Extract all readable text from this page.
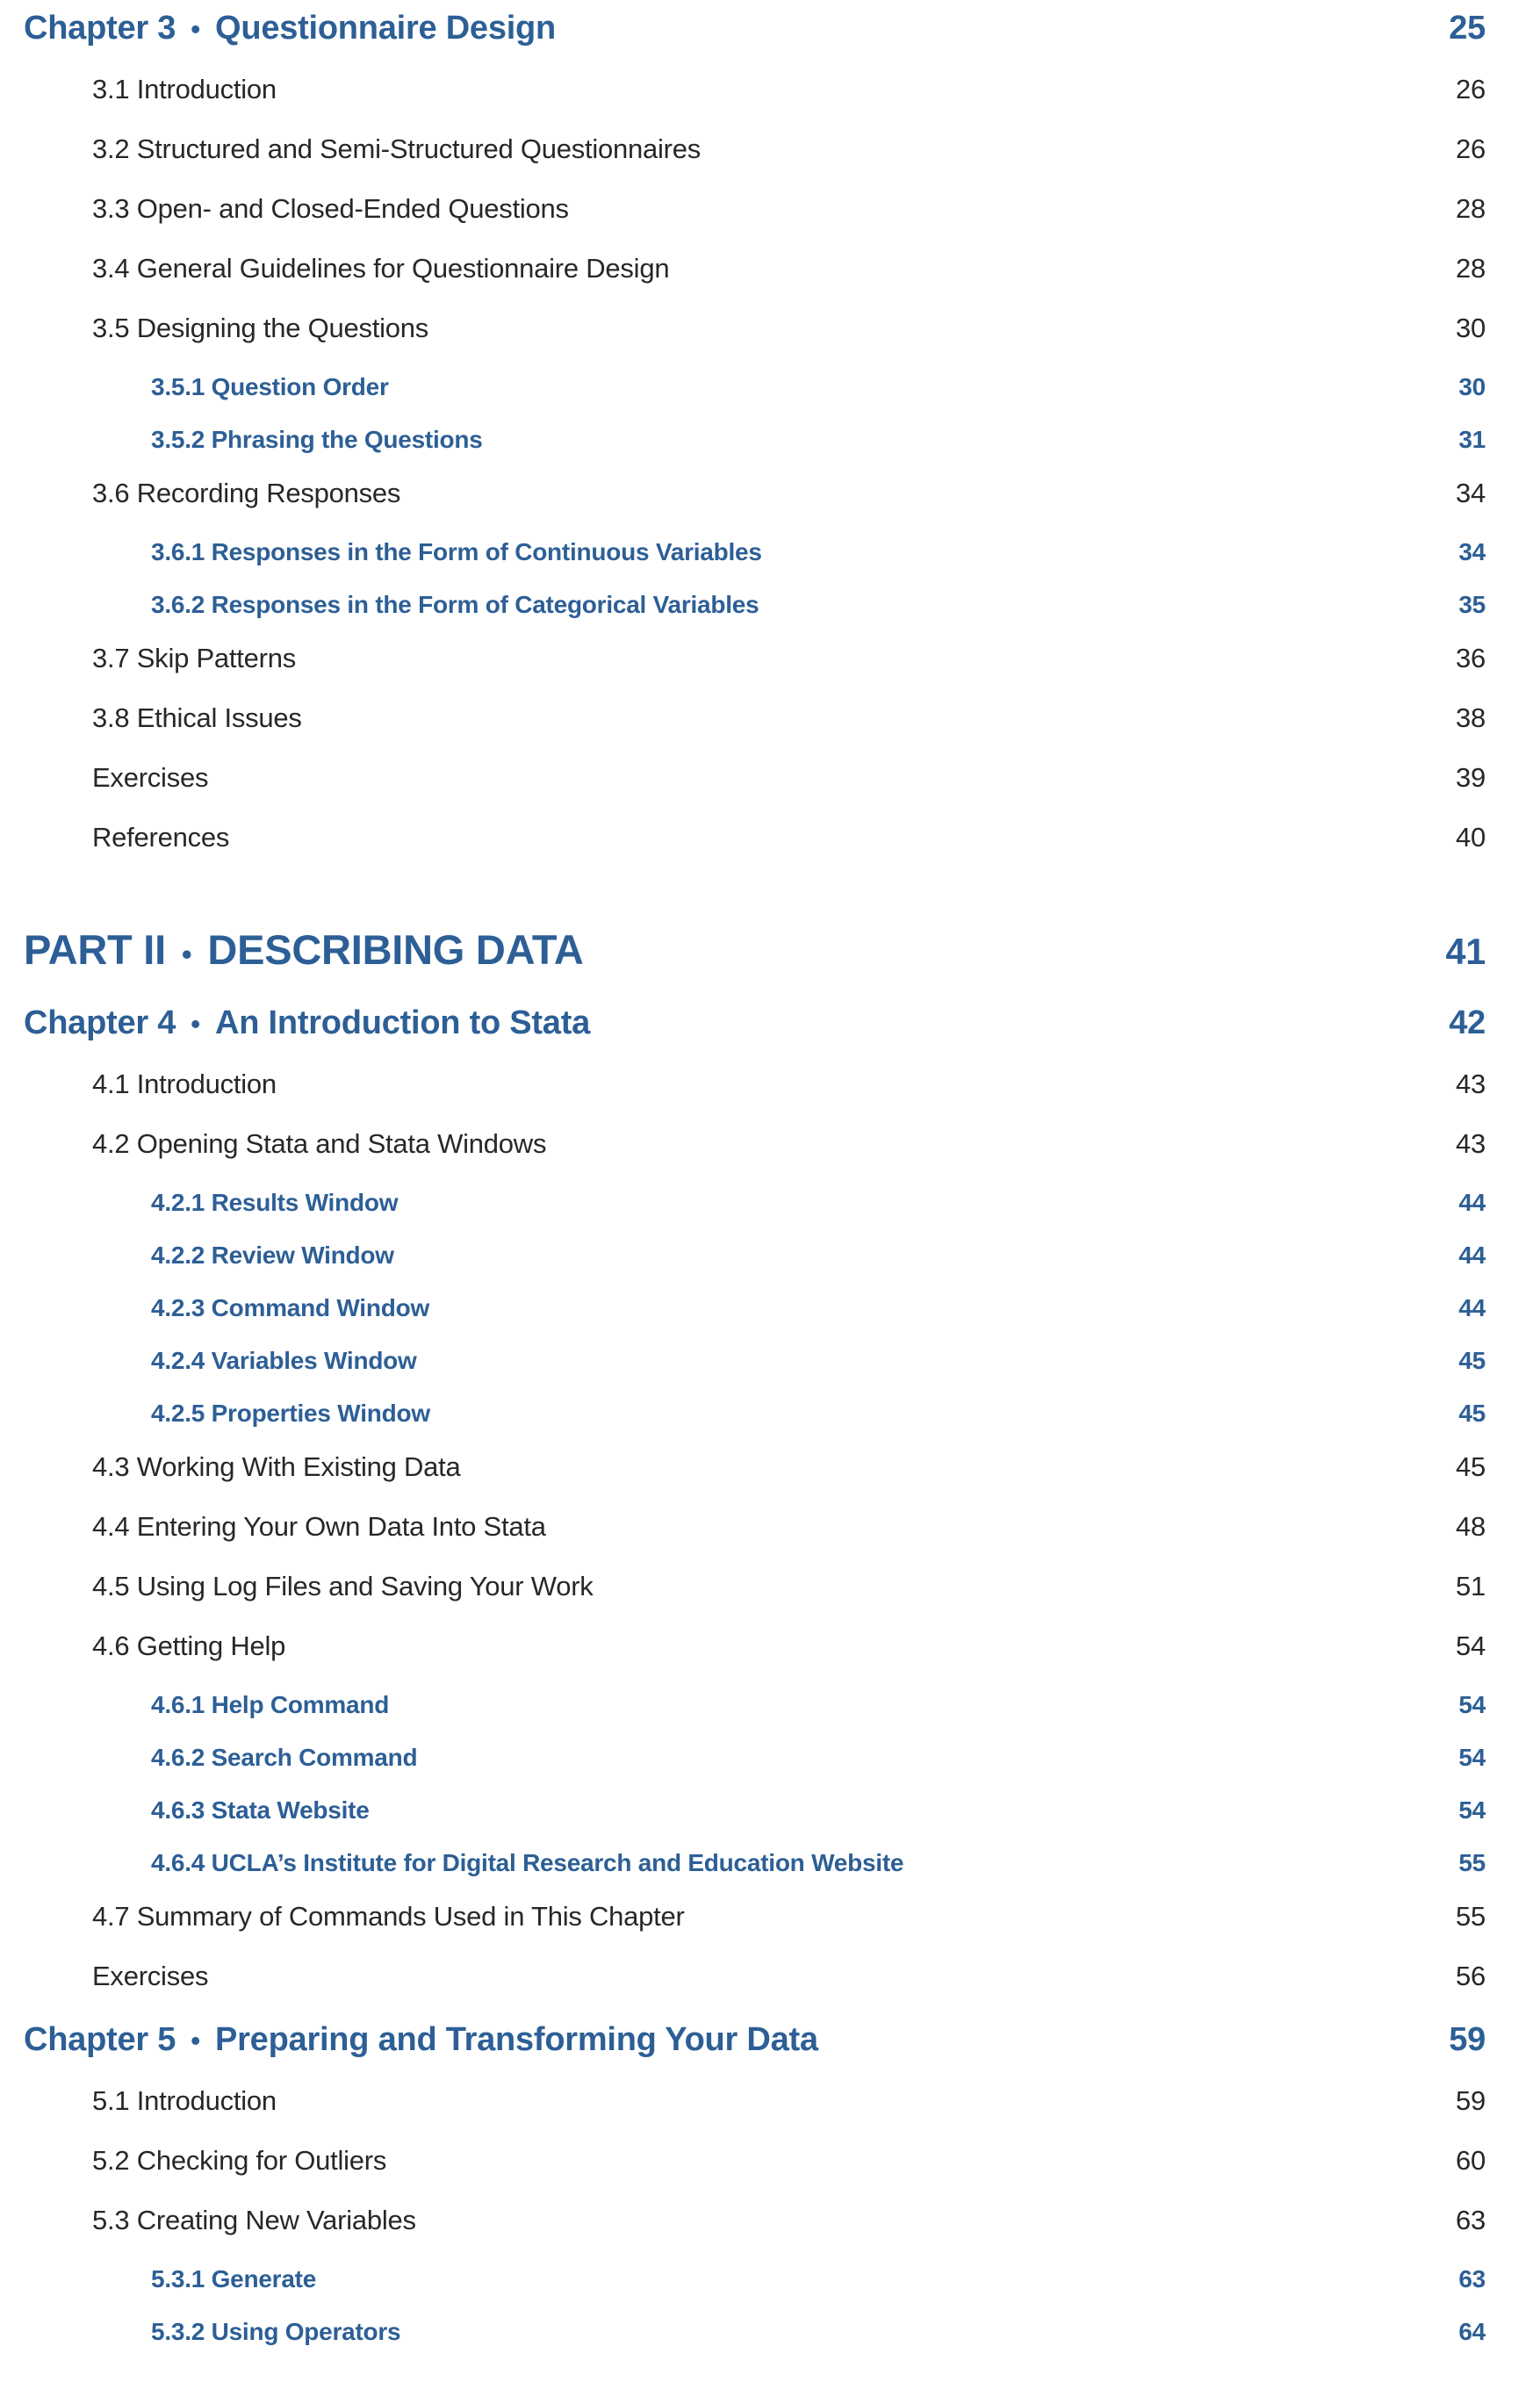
Chapter 3 • Questionnaire Design	25
3.1 Introduction	26
3.2 Structured and Semi-Structured Questionnaires	26
3.3 Open- and Closed-Ended Questions	28
3.4 General Guidelines for Questionnaire Design	28
3.5 Designing the Questions	30
3.5.1 Question Order	30
3.5.2 Phrasing the Questions	31
3.6 Recording Responses	34
3.6.1 Responses in the Form of Continuous Variables	34
3.6.2 Responses in the Form of Categorical Variables	35
3.7 Skip Patterns	36
3.8 Ethical Issues	38
Exercises	39
References	40
PART II • DESCRIBING DATA	41
Chapter 4 • An Introduction to Stata	42
4.1 Introduction	43
4.2 Opening Stata and Stata Windows	43
4.2.1 Results Window	44
4.2.2 Review Window	44
4.2.3 Command Window	44
4.2.4 Variables Window	45
4.2.5 Properties Window	45
4.3 Working With Existing Data	45
4.4 Entering Your Own Data Into Stata	48
4.5 Using Log Files and Saving Your Work	51
4.6 Getting Help	54
4.6.1 Help Command	54
4.6.2 Search Command	54
4.6.3 Stata Website	54
4.6.4 UCLA’s Institute for Digital Research and Education Website	55
4.7 Summary of Commands Used in This Chapter	55
Exercises	56
Chapter 5 • Preparing and Transforming Your Data	59
5.1 Introduction	59
5.2 Checking for Outliers	60
5.3 Creating New Variables	63
5.3.1 Generate	63
5.3.2 Using Operators	64
